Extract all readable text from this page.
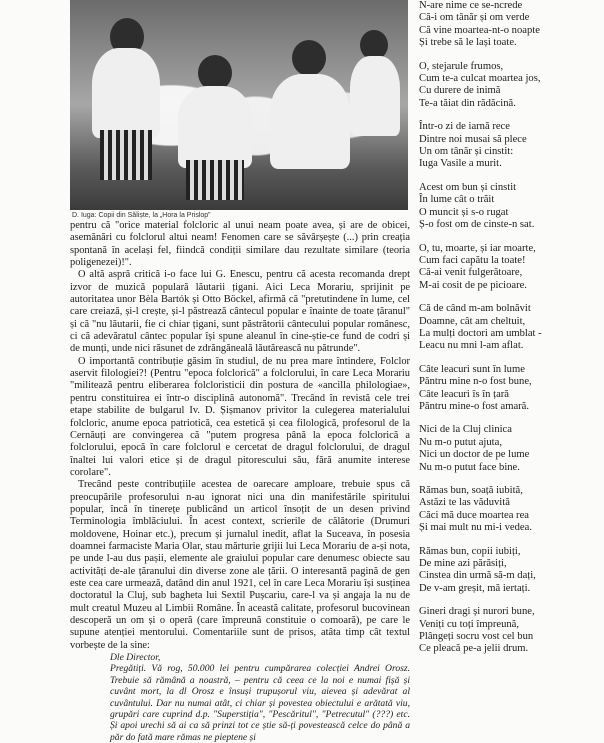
D. Iuga: Copii din Săliște, la „Hora la Prislop”

pentru că "orice material folcloric al unui neam poate avea, și are de obicei, asemănări cu folclorul altui neam! Fenomen care se săvârșește (...) prin creația spontană în același fel, fiindcă condiții similare dau rezultate similare (teoria poligenezei)!".

O altă aspră critică i-o face lui G. Enescu, pentru că acesta recomanda drept izvor de muzică populară lăutarii țigani. Aici Leca Morariu, sprijinit pe autoritatea unor Bèla Bartók și Otto Böckel, afirmă că "pretutindene în lume, cel care creiază, și-l crește, și-l păstrează cântecul popular e înainte de toate țăranul" și că "nu lăutarii, fie ci chiar țigani, sunt păstrătorii cântecului popular românesc, ci că adevăratul cântec popular își spune aleanul în cine-știe-ce fund de codri și de munți, unde nici răsunet de zdrăngăneală lăutărească nu pătrunde".

O importantă contribuție găsim în studiul, de nu prea mare întindere, Folclor aservit filologiei?! (Pentru "epoca folclorică" a folclorului, în care Leca Morariu "militează pentru eliberarea folcloristicii din postura de «ancilla philologiae», pentru constituirea ei într-o disciplină autonomă". Trecând în revistă cele trei etape stabilite de bulgarul Iv. D. Șișmanov privitor la culegerea materialului folcloric, anume epoca patriotică, cea estetică și cea filologică, profesorul de la Cernăuți are convingerea că "putem progresa până la epoca folclorică a folclorului, epocă în care folclorul e cercetat de dragul folclorului, de dragul înaltei lui valori etice și de dragul pitorescului său, fără anumite interese corolare".

Trecând peste contribuțiile acestea de oarecare amploare, trebuie spus că preocupările profesorului n-au ignorat nici una din manifestările spiritului popular, încă în tinerețe publicând un articol însoțit de un desen privind Terminologia îmblăciului. În acest context, scrierile de călătorie (Drumuri moldovene, Hoinar etc.), precum și jurnalul inedit, aflat la Suceava, în posesia doamnei farmaciste Maria Olar, stau mărturie grijii lui Leca Morariu de a-și nota, pe unde l-au dus pașii, elemente ale graiului popular care denumesc obiecte sau activități de-ale țăranului din diverse zone ale țării. O interesantă pagină de gen este cea care urmează, datând din anul 1921, cel în care Leca Morariu își susținea doctoratul la Cluj, sub bagheta lui Sextil Pușcariu, care-l va și angaja la nu de mult creatul Muzeu al Limbii Române. În această calitate, profesorul bucovinean descoperă un om și o operă (care împreună constituie o comoară), pe care le supune atenției mentorului. Comentariile sunt de prisos, atâta timp cât textul vorbește de la sine:

Dle Director,

Pregătiți. Vă rog, 50.000 lei pentru cumpărarea colecției Andrei Orosz. Trebuie să rămână a noastră, – pentru că ceea ce la noi e numai fișă și cuvânt mort, la dl Orosz e însuși trupușorul viu, aievea și adevărat al cuvântului. Dar nu numai atât, ci chiar și povestea obiectului e arătată viu, grupări care cuprind d.p. "Superstiția", "Pescăritul", "Petrecutul" (???) etc. Și apoi urechi să ai ca să prinzi tot ce știe să-ți povestească celce do până a păr do fată mare rămas ne pieptene și

N-are nime ce se-ncrede
Că-i om tânăr și om verde
Că vine moartea-nt-o noapte
Și trebe să le lași toate.
O, stejarule frumos,
Cum te-a culcat moartea jos,
Cu durere de inimă
Te-a tăiat din rădăcină.
Într-o zi de iarnă rece
Dintre noi musai să plece
Un om tânăr și cinstit:
Iuga Vasile a murit.
Acest om bun și cinstit
În lume cât o trăit
O muncit și s-o rugat
Ș-o fost om de cinste-n sat.
O, tu, moarte, și iar moarte,
Cum faci capătu la toate!
Că-ai venit fulgerătoare,
M-ai cosit de pe picioare.
Că de când m-am bolnăvit
Doamne, cât am cheltuit,
La mulți doctori am umblat -
Leacu nu mni l-am aflat.
Câte leacuri sunt în lume
Păntru mine n-o fost bune,
Câte leacuri îs în țară
Păntru mine-o fost amară.
Nici de la Cluj clinica
Nu m-o putut ajuta,
Nici un doctor de pe lume
Nu m-o putut face bine.
Rămas bun, soață iubită,
Astăzi te las văduvită
Căci mă duce moartea rea
Și mai mult nu mi-i vedea.
Rămas bun, copii iubiți,
De mine azi părăsiți,
Cinstea din urmă să-m dați,
De v-am greșit, mă iertați.
Gineri dragi și nurori bune,
Veniți cu toți împreună,
Plângeți socru vost cel bun
Ce pleacă pe-a jelii drum.
